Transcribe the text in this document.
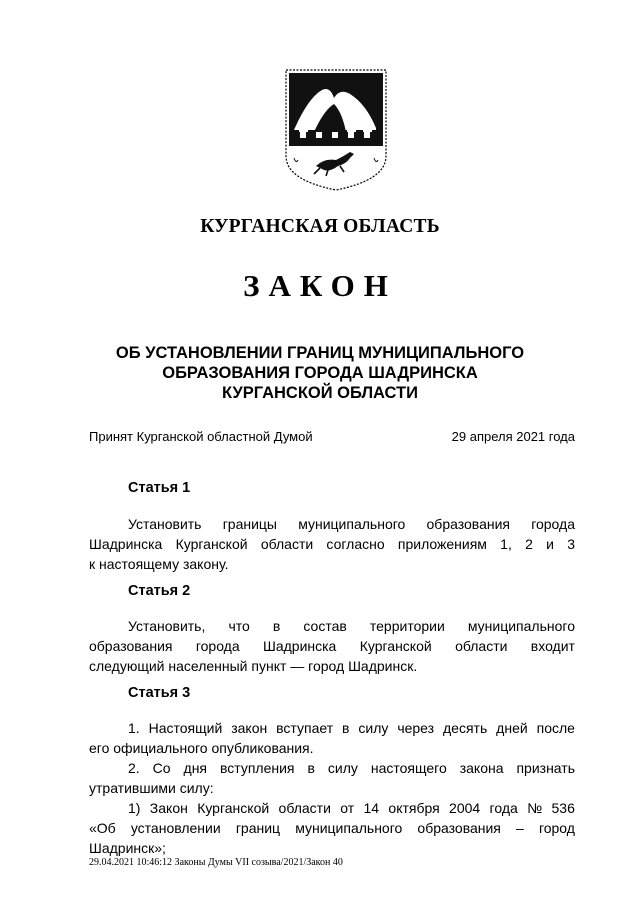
КУРГАНСКАЯ ОБЛАСТЬ
ЗАКОН
ОБ УСТАНОВЛЕНИИ ГРАНИЦ МУНИЦИПАЛЬНОГО
ОБРАЗОВАНИЯ ГОРОДА ШАДРИНСКА
КУРГАНСКОЙ ОБЛАСТИ
Принят Курганской областной Думой	29 апреля 2021 года
Статья 1
Установить границы муниципального образования города
Шадринска Курганской области согласно приложениям 1, 2 и 3
к настоящему закону.
Статья 2
Установить, что в состав территории муниципального
образования города Шадринска Курганской области входит
следующий населенный пункт — город Шадринск.
Статья 3
1. Настоящий закон вступает в силу через десять дней после
его официального опубликования.
2. Со дня вступления в силу настоящего закона признать
утратившими силу:
1) Закон Курганской области от 14 октября 2004 года № 536
«Об установлении границ муниципального образования – город
Шадринск»;
29.04.2021 10:46:12 Законы Думы VII созыва/2021/Закон 40
